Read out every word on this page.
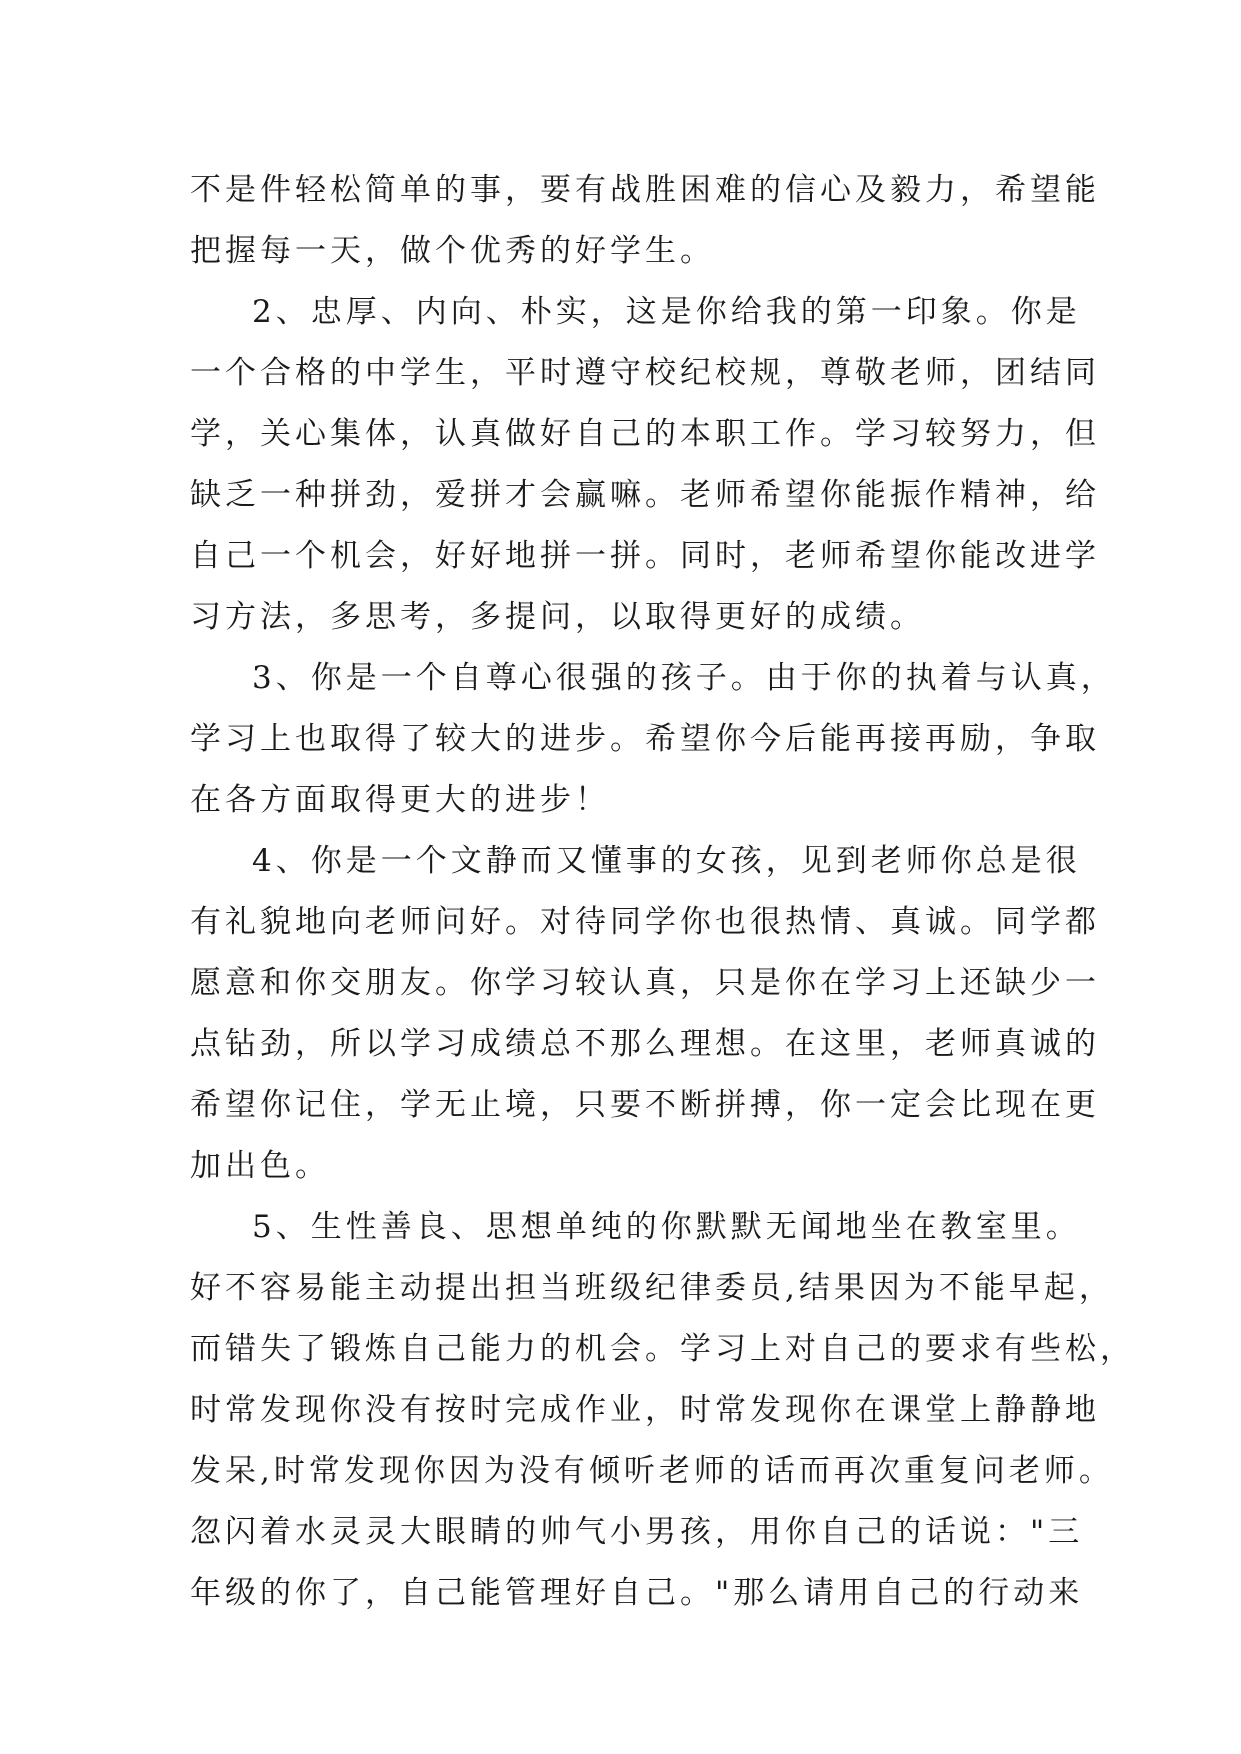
不是件轻松简单的事，要有战胜困难的信心及毅力，希望能
把握每一天，做个优秀的好学生。
2、忠厚、内向、朴实，这是你给我的第一印象。你是
一个合格的中学生，平时遵守校纪校规，尊敬老师，团结同
学，关心集体，认真做好自己的本职工作。学习较努力，但
缺乏一种拼劲，爱拼才会赢嘛。老师希望你能振作精神，给
自己一个机会，好好地拼一拼。同时，老师希望你能改进学
习方法，多思考，多提问，以取得更好的成绩。
3、你是一个自尊心很强的孩子。由于你的执着与认真，
学习上也取得了较大的进步。希望你今后能再接再励，争取
在各方面取得更大的进步！
4、你是一个文静而又懂事的女孩，见到老师你总是很
有礼貌地向老师问好。对待同学你也很热情、真诚。同学都
愿意和你交朋友。你学习较认真，只是你在学习上还缺少一
点钻劲，所以学习成绩总不那么理想。在这里，老师真诚的
希望你记住，学无止境，只要不断拼搏，你一定会比现在更
加出色。
5、生性善良、思想单纯的你默默无闻地坐在教室里。
好不容易能主动提出担当班级纪律委员,结果因为不能早起，
而错失了锻炼自己能力的机会。学习上对自己的要求有些松，
时常发现你没有按时完成作业，时常发现你在课堂上静静地
发呆,时常发现你因为没有倾听老师的话而再次重复问老师。
忽闪着水灵灵大眼睛的帅气小男孩，用你自己的话说："三
年级的你了，自己能管理好自己。"那么请用自己的行动来
